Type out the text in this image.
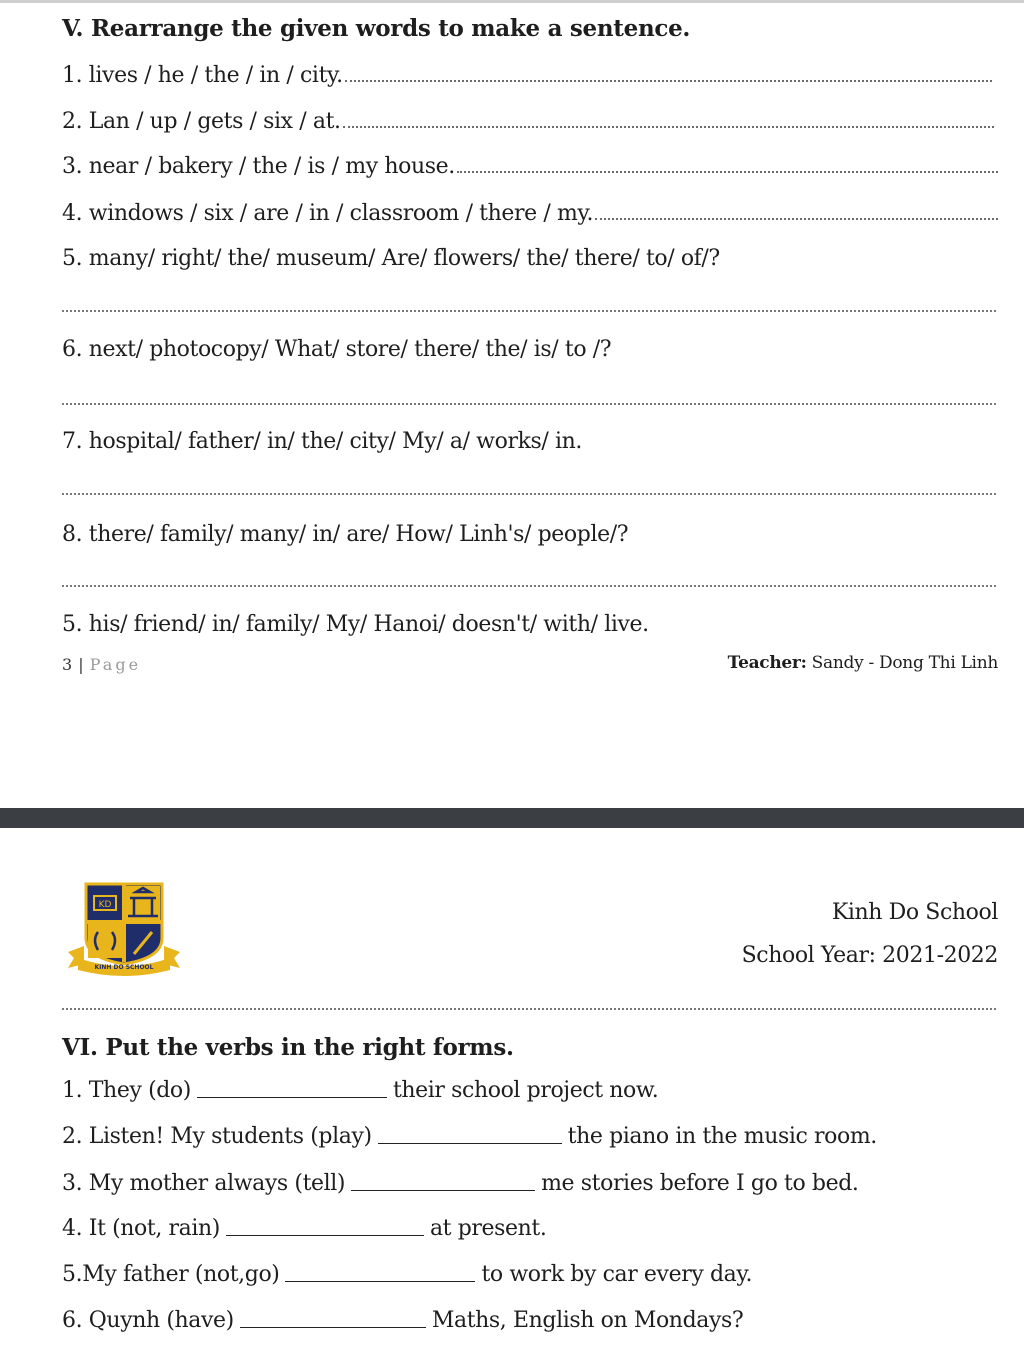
V. Rearrange the given words to make a sentence.
1. lives / he / the / in / city.
2. Lan / up / gets / six / at.
3. near / bakery / the / is / my house.
4. windows / six / are / in / classroom / there / my.
5. many/ right/ the/ museum/ Are/ flowers/ the/ there/ to/ of/?
6. next/ photocopy/ What/ store/ there/ the/ is/ to /?
7. hospital/ father/ in/ the/ city/ My/ a/ works/ in.
8. there/ family/ many/ in/ are/ How/ Linh's/ people/?
5. his/ friend/ in/ family/ My/ Hanoi/ doesn't/ with/ live.
3 | Page	Teacher: Sandy - Dong Thi Linh
KD
KINH DO SCHOOL
Kinh Do School
School Year: 2021-2022
VI. Put the verbs in the right forms.
1. They (do)	their school project now.
2. Listen! My students (play)	the piano in the music room.
3. My mother always (tell)	me stories before I go to bed.
4. It (not, rain)	at present.
5.My father (not,go)	to work by car every day.
6. Quynh (have)	Maths, English on Mondays?
